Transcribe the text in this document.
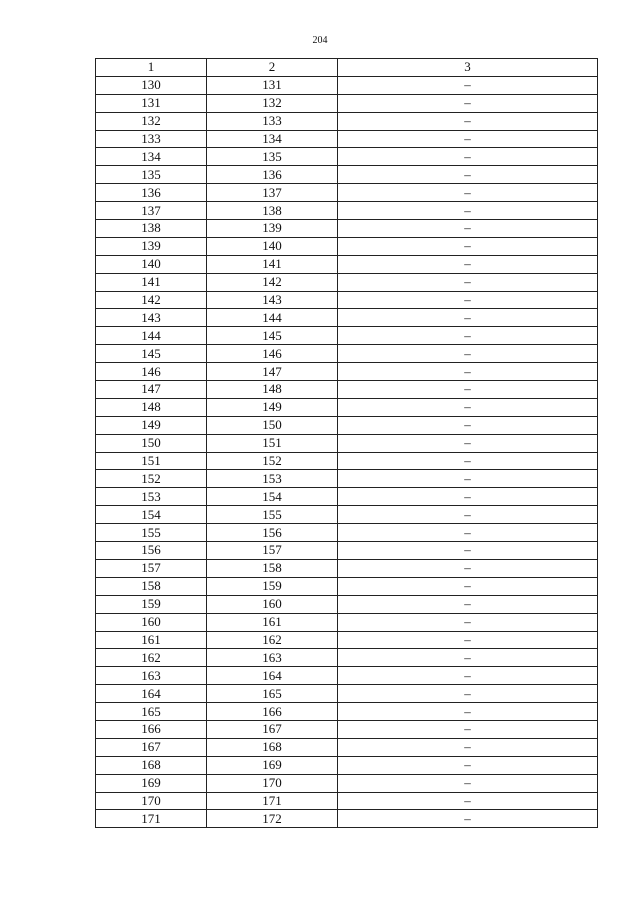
204
1	2	3
130	131	–
131	132	–
132	133	–
133	134	–
134	135	–
135	136	–
136	137	–
137	138	–
138	139	–
139	140	–
140	141	–
141	142	–
142	143	–
143	144	–
144	145	–
145	146	–
146	147	–
147	148	–
148	149	–
149	150	–
150	151	–
151	152	–
152	153	–
153	154	–
154	155	–
155	156	–
156	157	–
157	158	–
158	159	–
159	160	–
160	161	–
161	162	–
162	163	–
163	164	–
164	165	–
165	166	–
166	167	–
167	168	–
168	169	–
169	170	–
170	171	–
171	172	–
